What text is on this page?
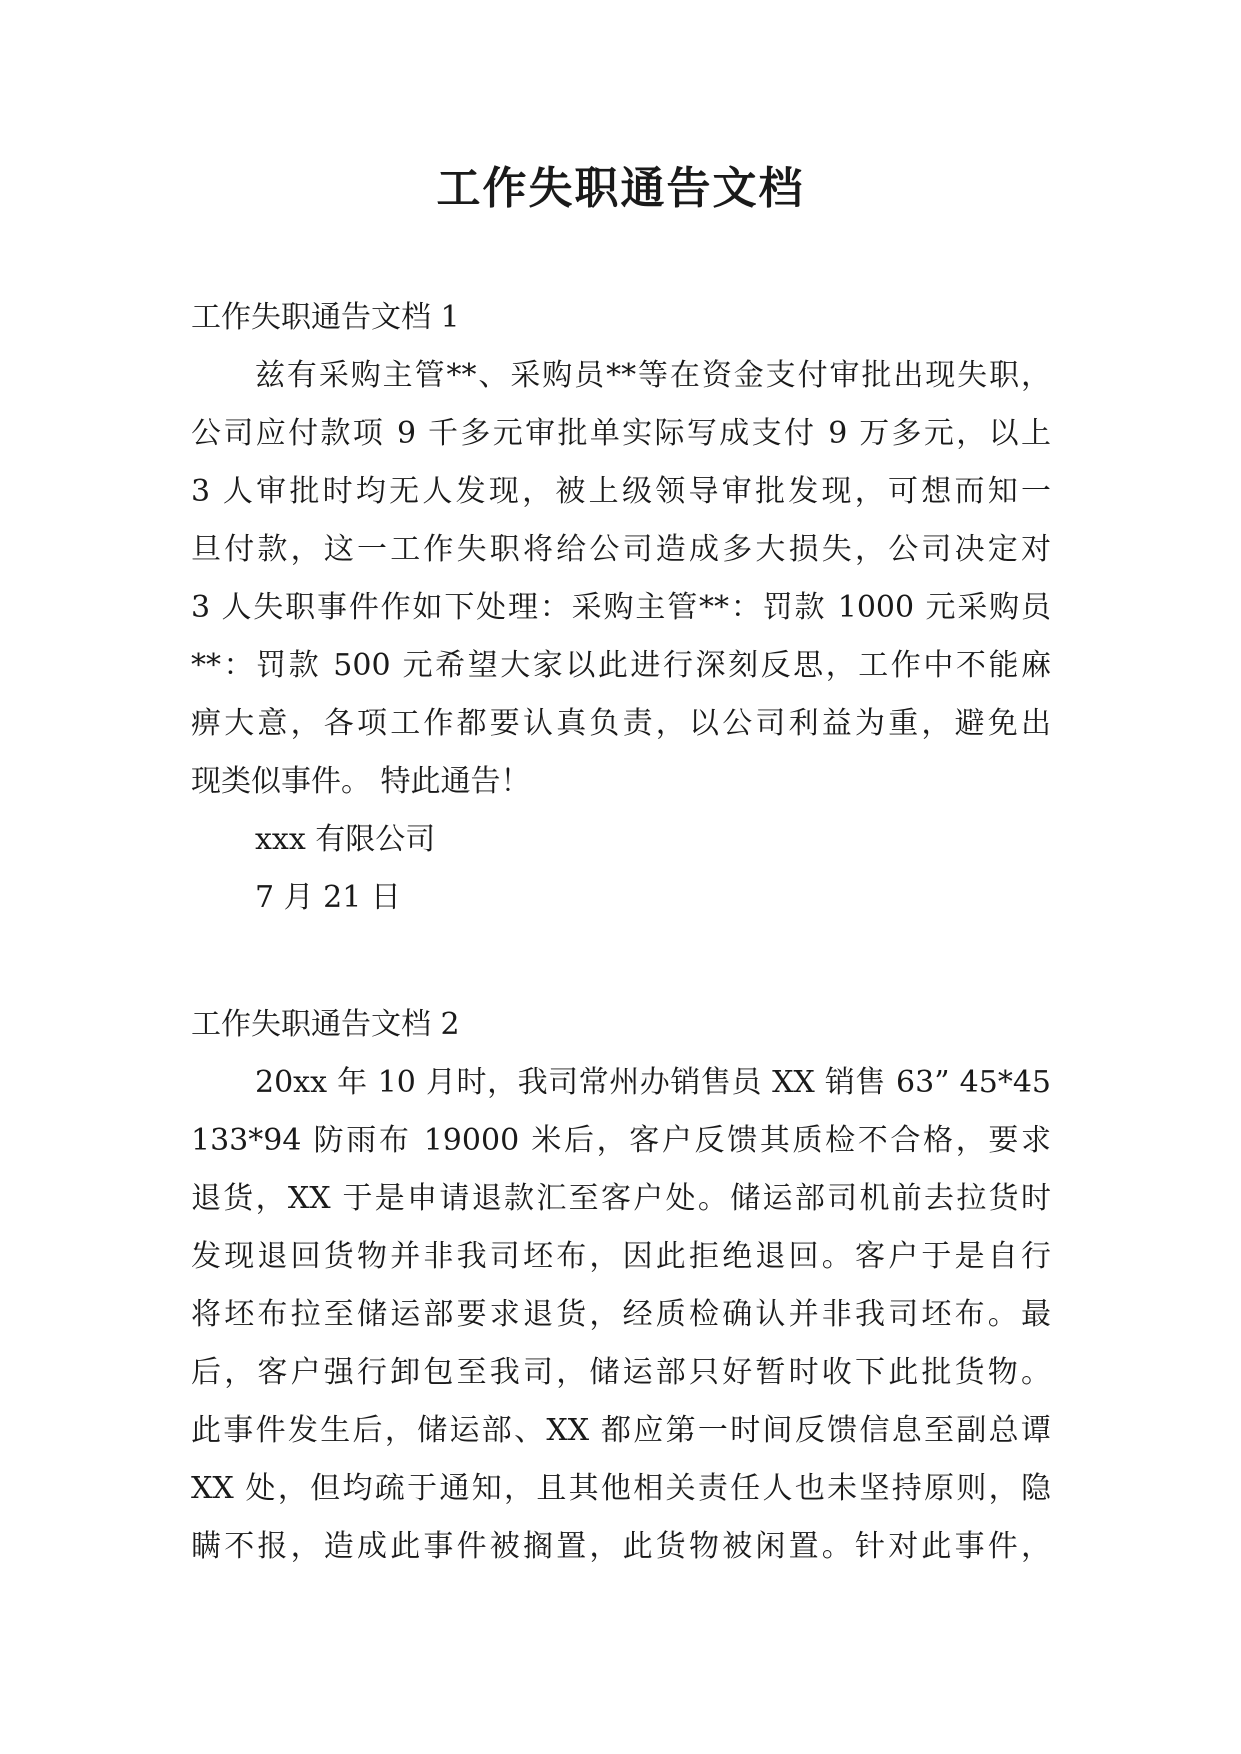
工作失职通告文档
工作失职通告文档 1
兹有采购主管**、采购员**等在资金支付审批出现失职，
公司应付款项 9 千多元审批单实际写成支付 9 万多元，以上
3 人审批时均无人发现，被上级领导审批发现，可想而知一
旦付款，这一工作失职将给公司造成多大损失，公司决定对
3 人失职事件作如下处理：采购主管**：罚款 1000 元采购员
**：罚款 500 元希望大家以此进行深刻反思，工作中不能麻
痹大意，各项工作都要认真负责，以公司利益为重，避免出
现类似事件。 特此通告！
xxx 有限公司
7 月 21 日
工作失职通告文档 2
20xx 年 10 月时，我司常州办销售员 XX 销售 63” 45*45
133*94 防雨布 19000 米后，客户反馈其质检不合格，要求
退货，XX 于是申请退款汇至客户处。储运部司机前去拉货时
发现退回货物并非我司坯布，因此拒绝退回。客户于是自行
将坯布拉至储运部要求退货，经质检确认并非我司坯布。最
后，客户强行卸包至我司，储运部只好暂时收下此批货物。
此事件发生后，储运部、XX 都应第一时间反馈信息至副总谭
XX 处，但均疏于通知，且其他相关责任人也未坚持原则，隐
瞒不报，造成此事件被搁置，此货物被闲置。针对此事件，
